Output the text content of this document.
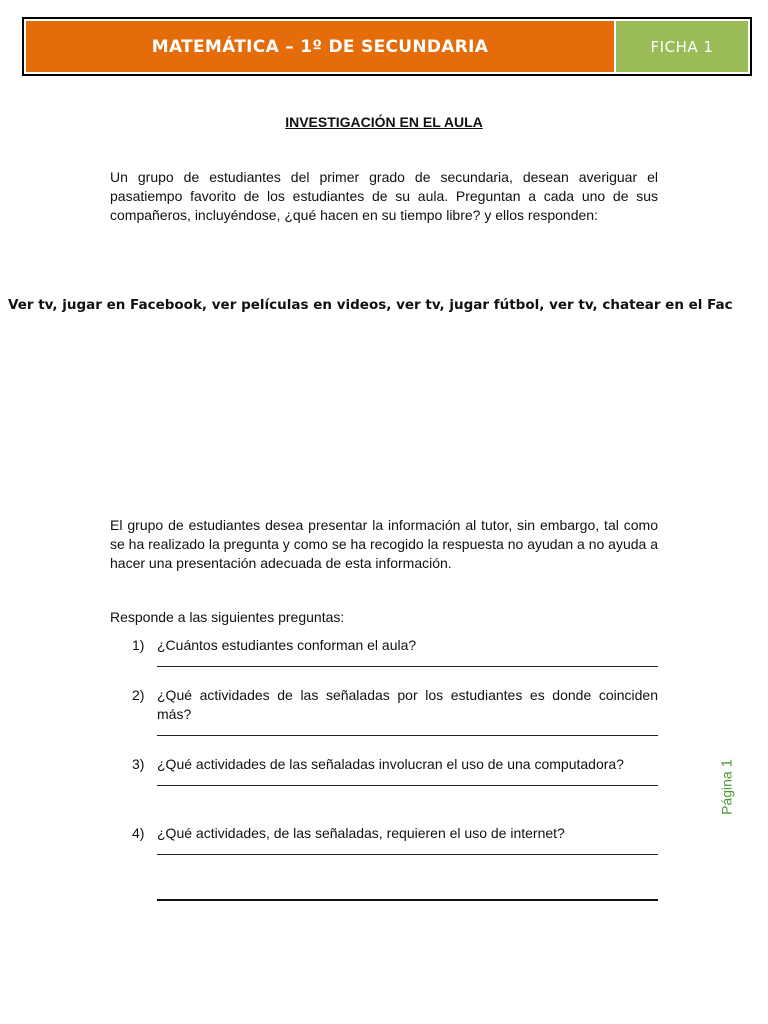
MATEMÁTICA – 1º DE SECUNDARIA	FICHA 1
INVESTIGACIÓN EN EL AULA
Un grupo de estudiantes del primer grado de secundaria, desean averiguar el pasatiempo favorito de los estudiantes de su aula. Preguntan a cada uno de sus compañeros, incluyéndose, ¿qué hacen en su tiempo libre? y ellos responden:
Ver tv, jugar en Facebook, ver películas en videos, ver tv, jugar fútbol, ver tv, chatear en el Fac
El grupo de estudiantes desea presentar la información al tutor, sin embargo, tal como se ha realizado la pregunta y como se ha recogido la respuesta no ayudan a no ayuda a hacer una presentación adecuada de esta información.
Responde a las siguientes preguntas:
1) ¿Cuántos estudiantes conforman el aula?
2) ¿Qué actividades de las señaladas por los estudiantes es donde coinciden más?
3) ¿Qué actividades de las señaladas involucran el uso de una computadora?
4) ¿Qué actividades, de las señaladas, requieren el uso de internet?
Página 1
